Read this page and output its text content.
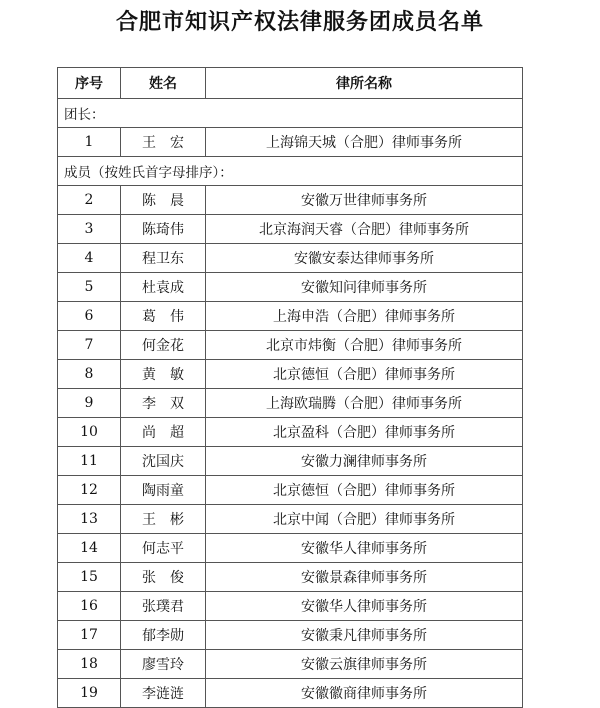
合肥市知识产权法律服务团成员名单
序号	姓名	律所名称
团长：		
1	王　宏	上海锦天城（合肥）律师事务所
成员（按姓氏首字母排序）：		
2	陈　晨	安徽万世律师事务所
3	陈琦伟	北京海润天睿（合肥）律师事务所
4	程卫东	安徽安泰达律师事务所
5	杜袁成	安徽知问律师事务所
6	葛　伟	上海申浩（合肥）律师事务所
7	何金花	北京市炜衡（合肥）律师事务所
8	黄　敏	北京德恒（合肥）律师事务所
9	李　双	上海欧瑞腾（合肥）律师事务所
10	尚　超	北京盈科（合肥）律师事务所
11	沈国庆	安徽力澜律师事务所
12	陶雨童	北京德恒（合肥）律师事务所
13	王　彬	北京中闻（合肥）律师事务所
14	何志平	安徽华人律师事务所
15	张　俊	安徽景森律师事务所
16	张璞君	安徽华人律师事务所
17	郁李勋	安徽秉凡律师事务所
18	廖雪玲	安徽云旗律师事务所
19	李涟涟	安徽徽商律师事务所
